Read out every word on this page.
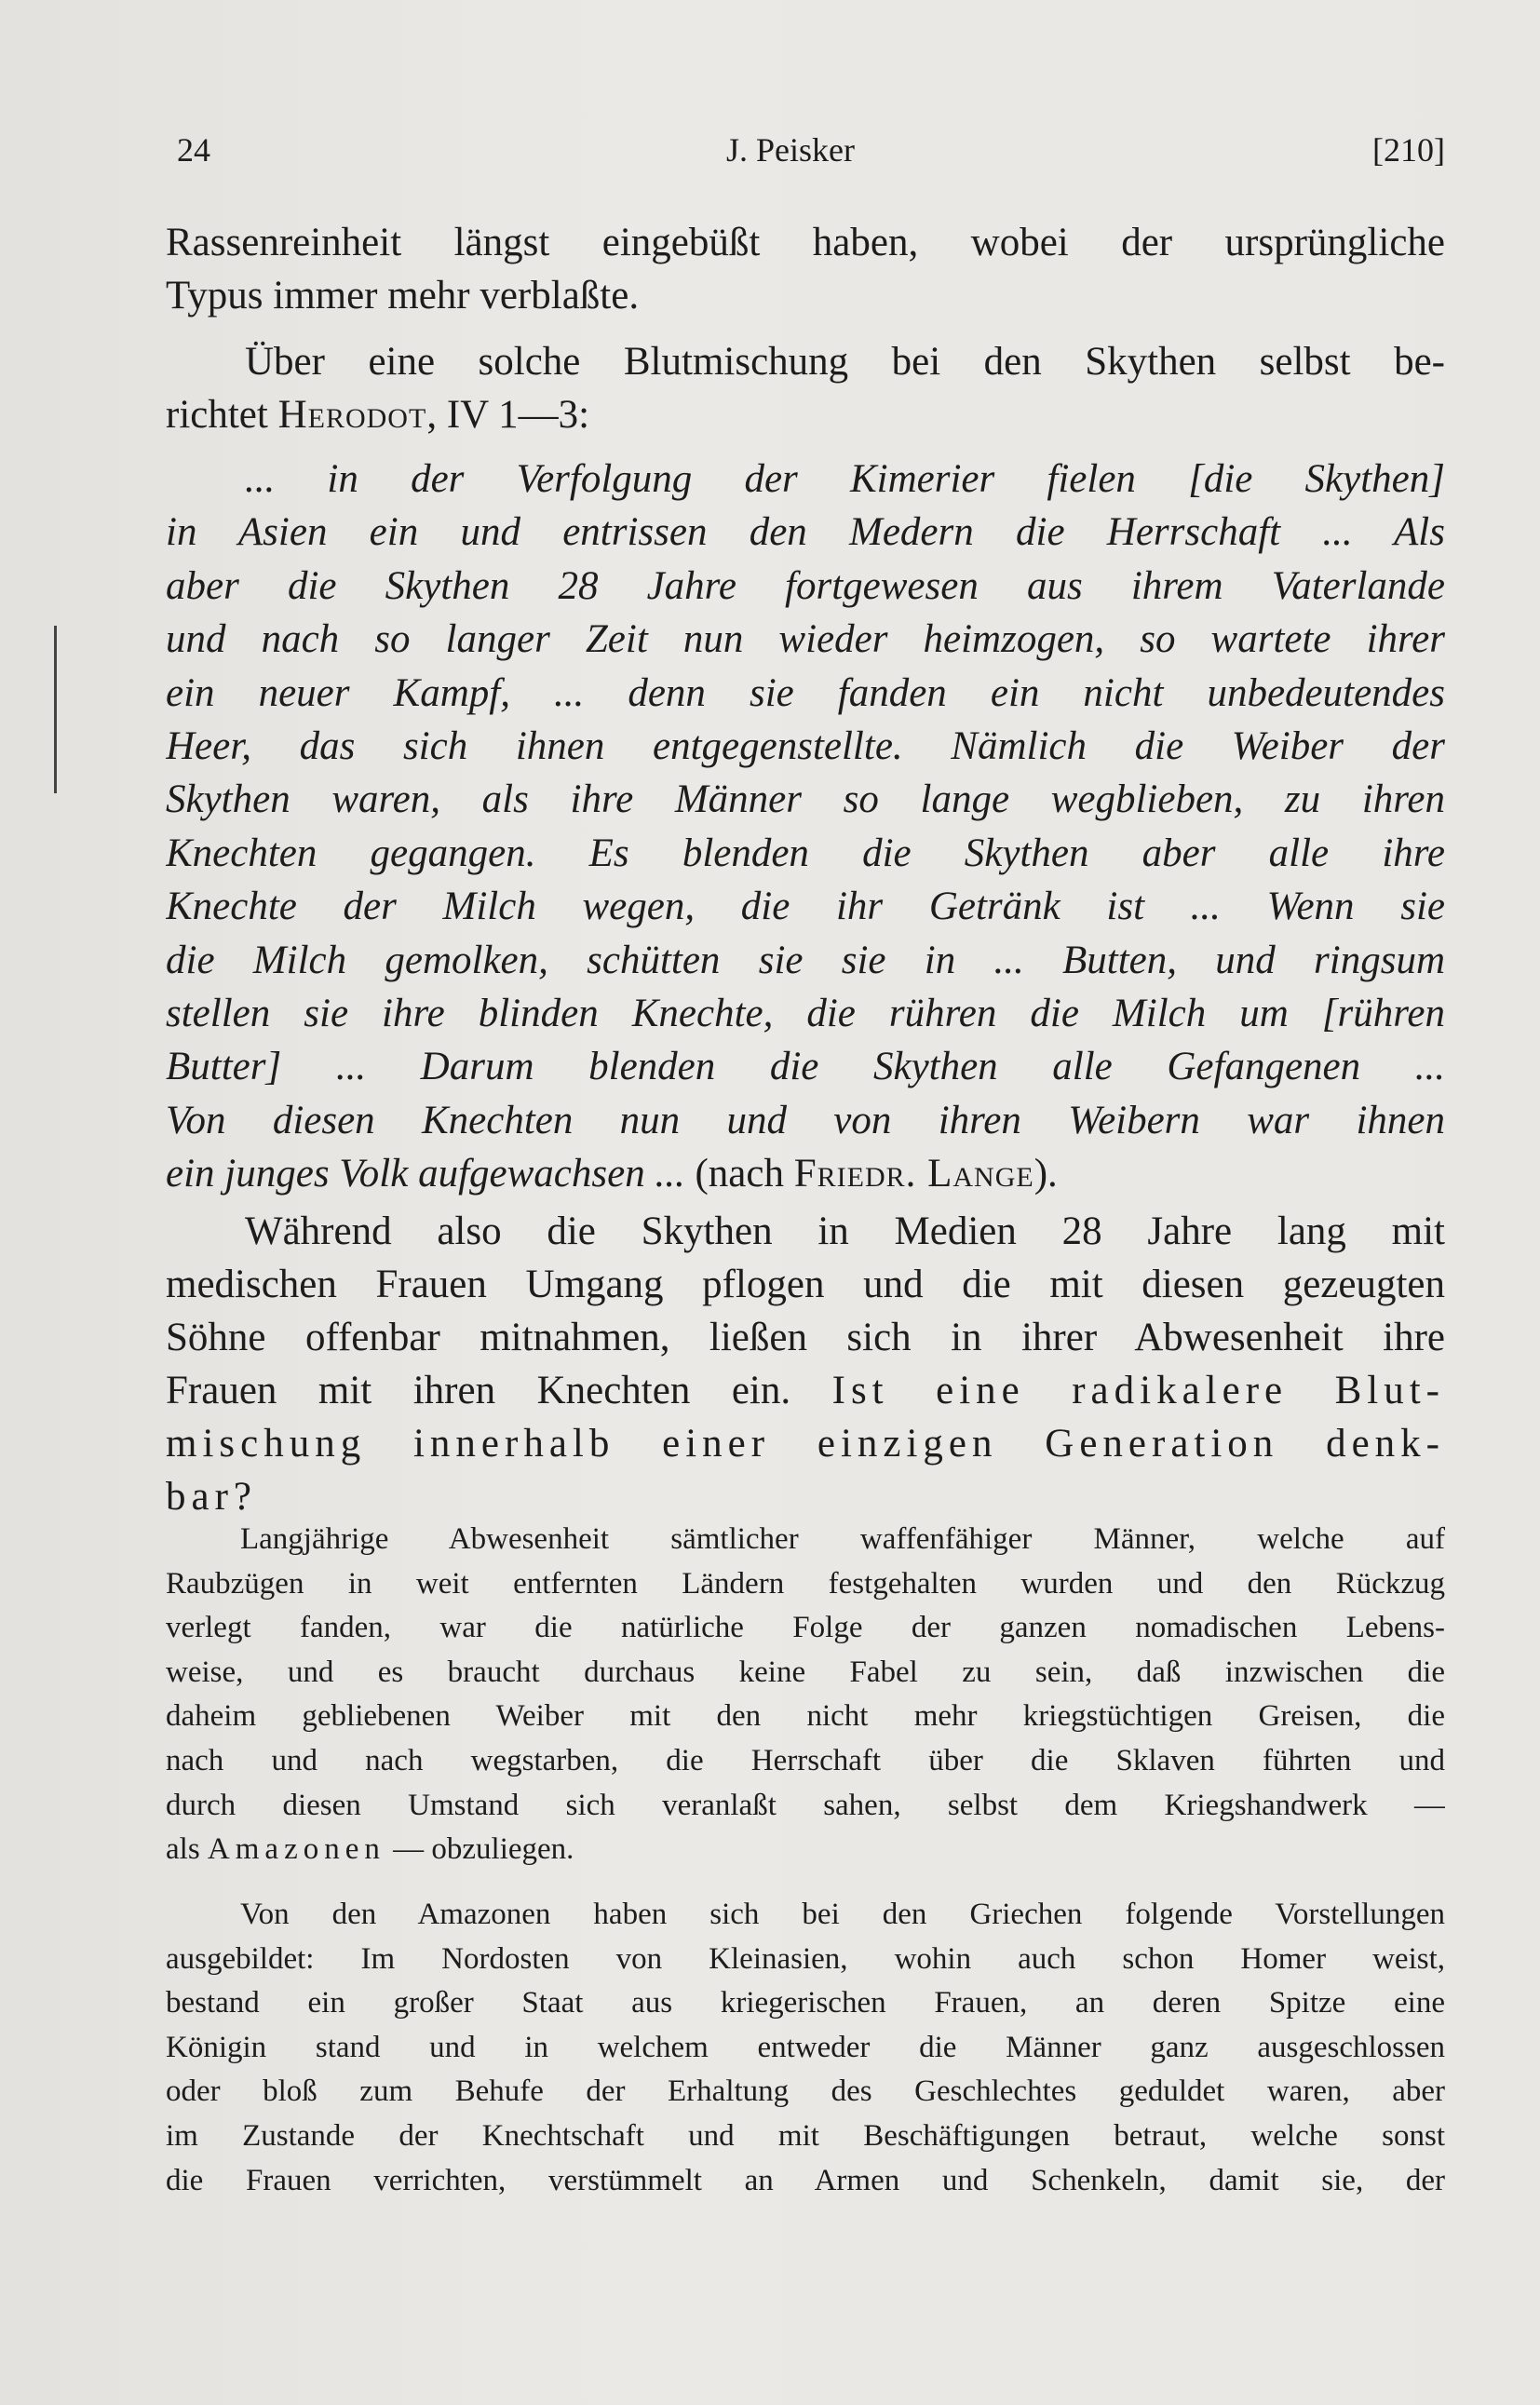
24	J. Peisker	[210]
Rassenreinheit längst eingebüßt haben, wobei der ursprüngliche
Typus immer mehr verblaßte.
Über eine solche Blutmischung bei den Skythen selbst be-
richtet Herodot, IV 1—3:
... in der Verfolgung der Kimerier fielen [die Skythen]
in Asien ein und entrissen den Medern die Herrschaft ... Als
aber die Skythen 28 Jahre fortgewesen aus ihrem Vaterlande
und nach so langer Zeit nun wieder heimzogen, so wartete ihrer
ein neuer Kampf, ... denn sie fanden ein nicht unbedeutendes
Heer, das sich ihnen entgegenstellte. Nämlich die Weiber der
Skythen waren, als ihre Männer so lange wegblieben, zu ihren
Knechten gegangen. Es blenden die Skythen aber alle ihre
Knechte der Milch wegen, die ihr Getränk ist ... Wenn sie
die Milch gemolken, schütten sie sie in ... Butten, und ringsum
stellen sie ihre blinden Knechte, die rühren die Milch um [rühren
Butter] ... Darum blenden die Skythen alle Gefangenen ...
Von diesen Knechten nun und von ihren Weibern war ihnen
ein junges Volk aufgewachsen ... (nach Friedr. Lange).
Während also die Skythen in Medien 28 Jahre lang mit
medischen Frauen Umgang pflogen und die mit diesen gezeugten
Söhne offenbar mitnahmen, ließen sich in ihrer Abwesenheit ihre
Frauen mit ihren Knechten ein. Ist eine radikalere Blut-
mischung innerhalb einer einzigen Generation denk-
bar?
Langjährige Abwesenheit sämtlicher waffenfähiger Männer, welche auf
Raubzügen in weit entfernten Ländern festgehalten wurden und den Rückzug
verlegt fanden, war die natürliche Folge der ganzen nomadischen Lebens-
weise, und es braucht durchaus keine Fabel zu sein, daß inzwischen die
daheim gebliebenen Weiber mit den nicht mehr kriegstüchtigen Greisen, die
nach und nach wegstarben, die Herrschaft über die Sklaven führten und
durch diesen Umstand sich veranlaßt sahen, selbst dem Kriegshandwerk —
als Amazonen — obzuliegen.
Von den Amazonen haben sich bei den Griechen folgende Vorstellungen
ausgebildet: Im Nordosten von Kleinasien, wohin auch schon Homer weist,
bestand ein großer Staat aus kriegerischen Frauen, an deren Spitze eine
Königin stand und in welchem entweder die Männer ganz ausgeschlossen
oder bloß zum Behufe der Erhaltung des Geschlechtes geduldet waren, aber
im Zustande der Knechtschaft und mit Beschäftigungen betraut, welche sonst
die Frauen verrichten, verstümmelt an Armen und Schenkeln, damit sie, der
